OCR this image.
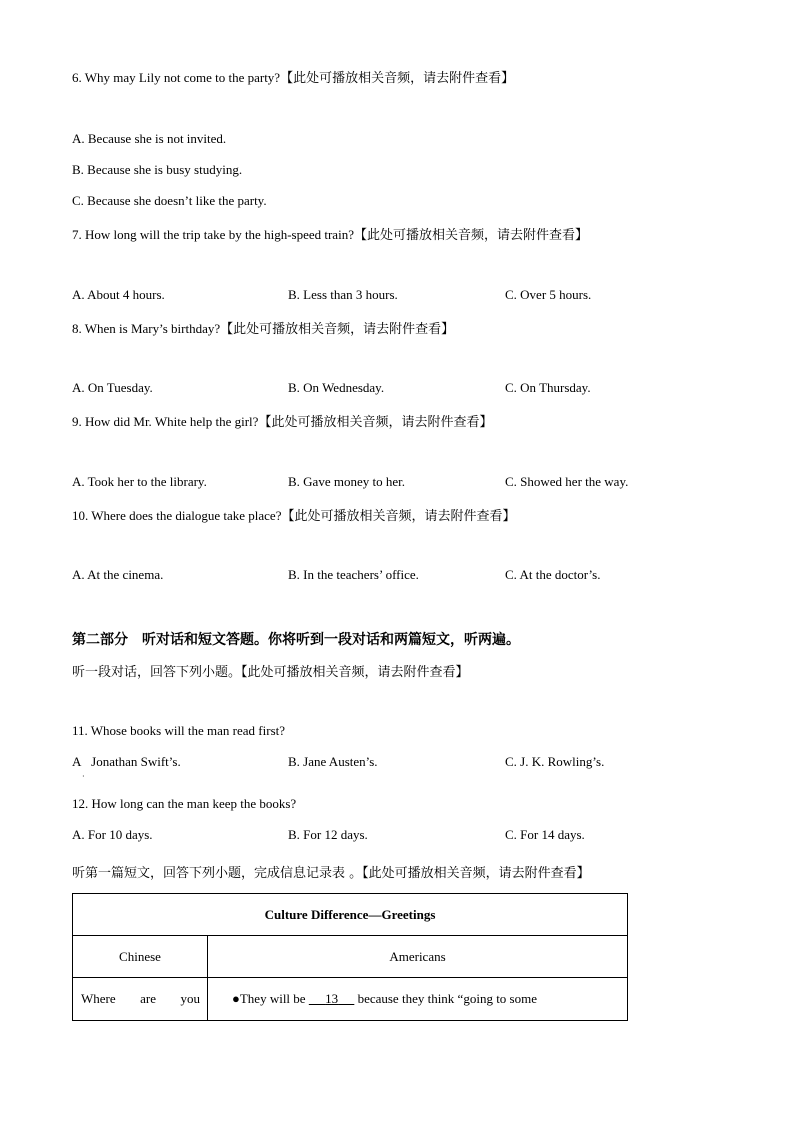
6. Why may Lily not come to the party?【此处可播放相关音频，请去附件查看】
A. Because she is not invited.
B. Because she is busy studying.
C. Because she doesn’t like the party.
7. How long will the trip take by the high-speed train?【此处可播放相关音频，请去附件查看】
A. About 4 hours.	B. Less than 3 hours.	C. Over 5 hours.
8. When is Mary’s birthday?【此处可播放相关音频，请去附件查看】
A. On Tuesday.	B. On Wednesday.	C. On Thursday.
9. How did Mr. White help the girl?【此处可播放相关音频，请去附件查看】
A. Took her to the library.	B. Gave money to her.	C. Showed her the way.
10. Where does the dialogue take place?【此处可播放相关音频，请去附件查看】
A. At the cinema.	B. In the teachers’ office.	C. At the doctor’s.
第二部分　听对话和短文答题。你将听到一段对话和两篇短文，听两遍。
听一段对话，回答下列小题。【此处可播放相关音频，请去附件查看】
11. Whose books will the man read first?
A Jonathan Swift’s.
·
B. Jane Austen’s.	C. J. K. Rowling’s.
12. How long can the man keep the books?
A. For 10 days.	B. For 12 days.	C. For 14 days.
听第一篇短文，回答下列小题，完成信息记录表 。【此处可播放相关音频，请去附件查看】
Culture Difference—Greetings	
Chinese	Americans

Where are you	●They will be      13      because they think “going to some
